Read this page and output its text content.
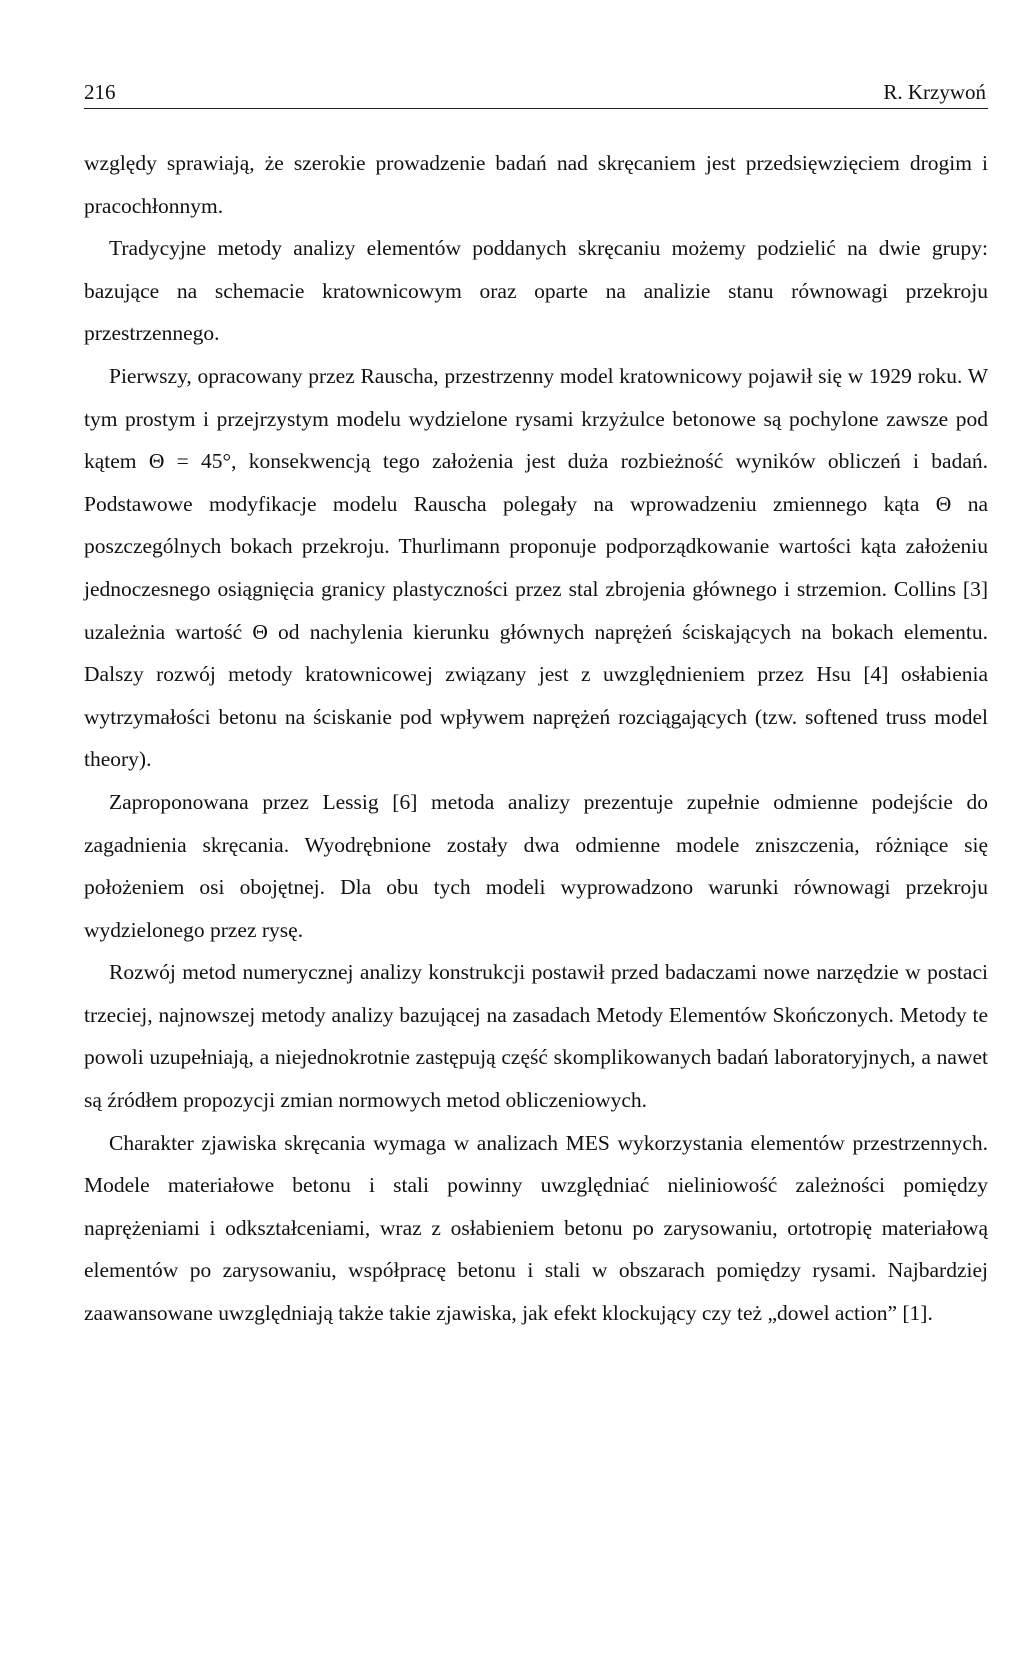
216	R. Krzywoń

względy sprawiają, że szerokie prowadzenie badań nad skręcaniem jest przedsięwzięciem drogim i pracochłonnym.

Tradycyjne metody analizy elementów poddanych skręcaniu możemy podzielić na dwie grupy: bazujące na schemacie kratownicowym oraz oparte na analizie stanu równowagi przekroju przestrzennego.

Pierwszy, opracowany przez Rauscha, przestrzenny model kratownicowy pojawił się w 1929 roku. W tym prostym i przejrzystym modelu wydzielone rysami krzyżulce betonowe są pochylone zawsze pod kątem Θ = 45°, konsekwencją tego założenia jest duża rozbieżność wyników obliczeń i badań. Podstawowe modyfikacje modelu Rauscha polegały na wprowadzeniu zmiennego kąta Θ na poszczególnych bokach przekroju. Thurlimann proponuje podporządkowanie wartości kąta założeniu jednoczesnego osiągnięcia granicy plastyczności przez stal zbrojenia głównego i strzemion. Collins [3] uzależnia wartość Θ od nachylenia kierunku głównych naprężeń ściskających na bokach elementu. Dalszy rozwój metody kratownicowej związany jest z uwzględnieniem przez Hsu [4] osłabienia wytrzymałości betonu na ściskanie pod wpływem naprężeń rozciągających (tzw. softened truss model theory).

Zaproponowana przez Lessig [6] metoda analizy prezentuje zupełnie odmienne podejście do zagadnienia skręcania. Wyodrębnione zostały dwa odmienne modele zniszczenia, różniące się położeniem osi obojętnej. Dla obu tych modeli wyprowadzono warunki równowagi przekroju wydzielonego przez rysę.

Rozwój metod numerycznej analizy konstrukcji postawił przed badaczami nowe narzędzie w postaci trzeciej, najnowszej metody analizy bazującej na zasadach Metody Elementów Skończonych. Metody te powoli uzupełniają, a niejednokrotnie zastępują część skomplikowanych badań laboratoryjnych, a nawet są źródłem propozycji zmian normowych metod obliczeniowych.

Charakter zjawiska skręcania wymaga w analizach MES wykorzystania elementów przestrzennych. Modele materiałowe betonu i stali powinny uwzględniać nieliniowość zależności pomiędzy naprężeniami i odkształceniami, wraz z osłabieniem betonu po zarysowaniu, ortotropię materiałową elementów po zarysowaniu, współpracę betonu i stali w obszarach pomiędzy rysami. Najbardziej zaawansowane uwzględniają także takie zjawiska, jak efekt klockujący czy też „dowel action” [1].
